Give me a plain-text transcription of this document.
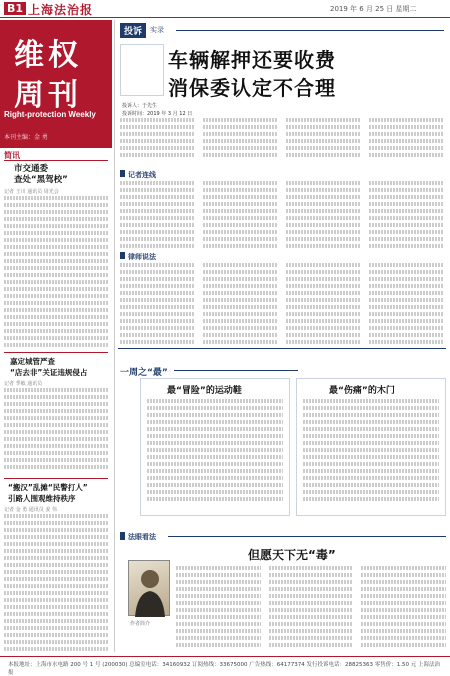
B1 上海法治报	2019 年 6 月 25 日 星期二
维权
周刊
Right-protection Weekly
本刊主编：金 勇
简讯
市交通委
查处“黑驾校”
记者 王川 通讯员 周光会
嘉定城管严查
“店去非”关证违规侵占
记者 季敏 通讯员
“搬汉”乱摊“民警打人”
引路人围观维持秩序
记者 金 勇 通讯员 姜 伟
投诉	实录
车辆解押还要收费
消保委认定不合理
投诉人：于先生
投诉时间：2019 年 3 月 12 日
记者连线
律师说法
一周之“最”
最“冒险”的运动鞋	最“伤痛”的木门
法眼看法
作者简介
但愿天下无“毒”
本报地址：上海市水电路 200 号 1 号 (200030) 总编室电话：34160932 订阅热线：33675000 广告热线：64177374 发行投诉电话：28825363 零售价：1.50 元 上海法治报
